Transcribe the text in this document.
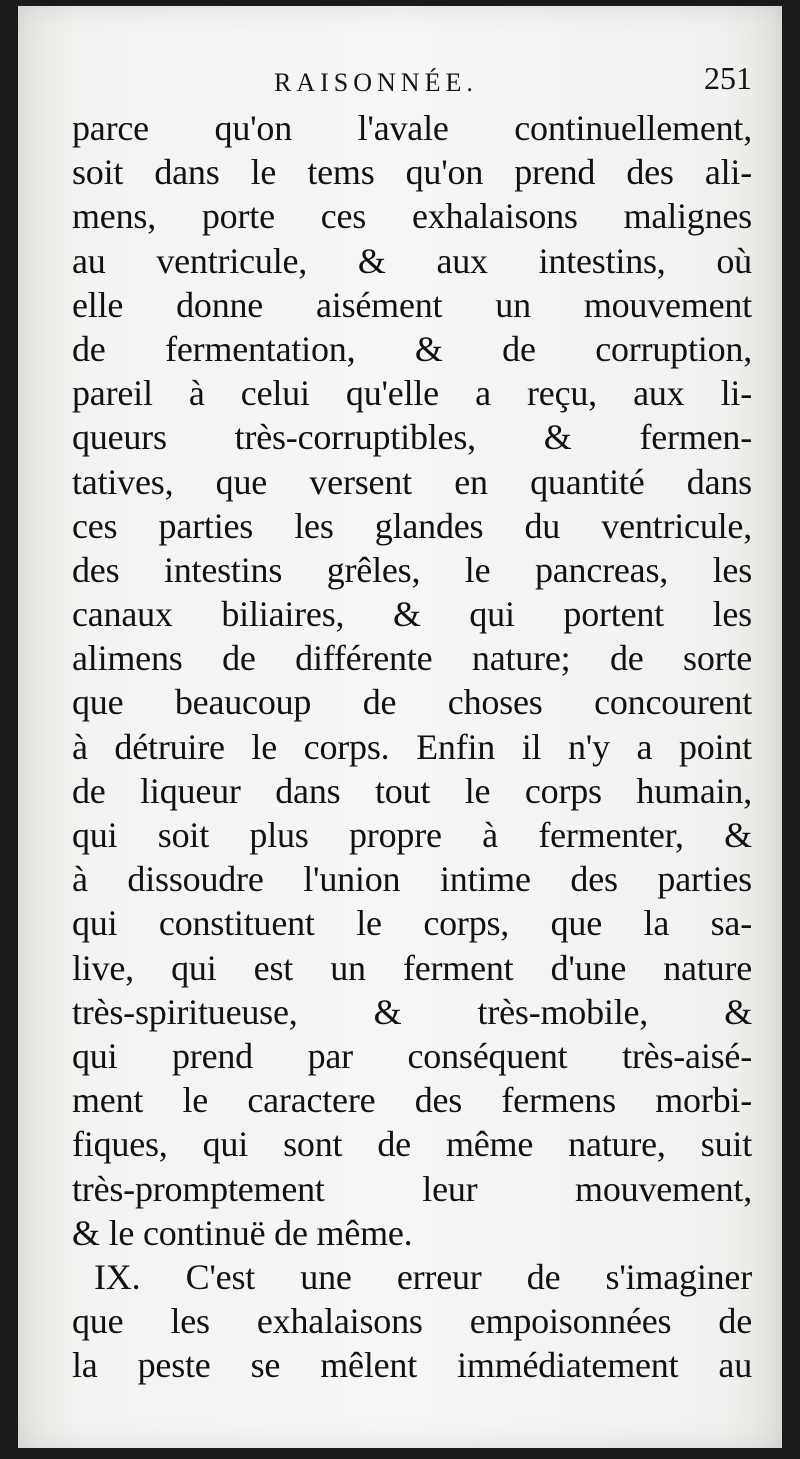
RAISONNÉE.	251
parce qu'on l'avale continuellement,
soit dans le tems qu'on prend des ali-
mens, porte ces exhalaisons malignes
au ventricule, & aux intestins, où
elle donne aisément un mouvement
de fermentation, & de corruption,
pareil à celui qu'elle a reçu, aux li-
queurs très-corruptibles, & fermen-
tatives, que versent en quantité dans
ces parties les glandes du ventricule,
des intestins grêles, le pancreas, les
canaux biliaires, & qui portent les
alimens de différente nature; de sorte
que beaucoup de choses concourent
à détruire le corps. Enfin il n'y a point
de liqueur dans tout le corps humain,
qui soit plus propre à fermenter, &
à dissoudre l'union intime des parties
qui constituent le corps, que la sa-
live, qui est un ferment d'une nature
très-spiritueuse, & très-mobile, &
qui prend par conséquent très-aisé-
ment le caractere des fermens morbi-
fiques, qui sont de même nature, suit
très-promptement leur mouvement,
& le continuë de même.
IX. C'est une erreur de s'imaginer
que les exhalaisons empoisonnées de
la peste se mêlent immédiatement au
